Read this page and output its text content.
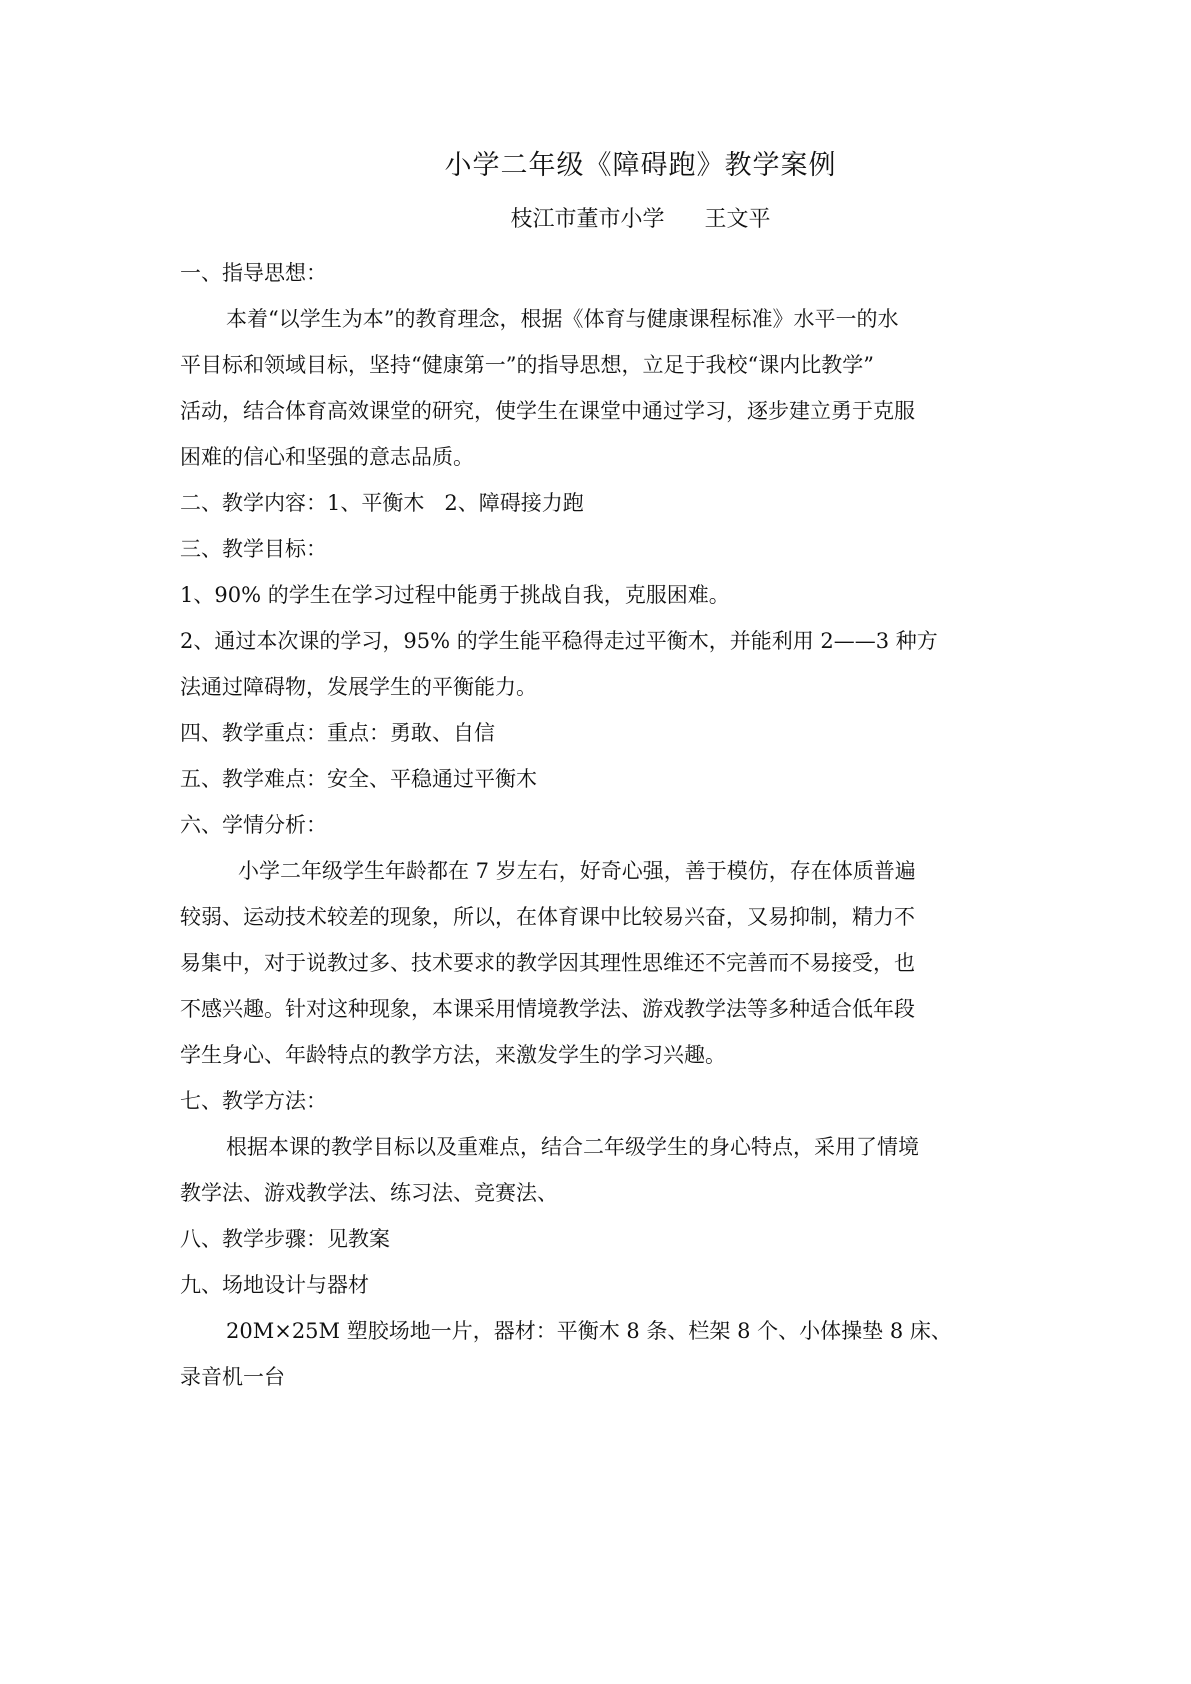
小学二年级《障碍跑》教学案例
枝江市董市小学 王文平
一、指导思想：
本着“以学生为本”的教育理念，根据《体育与健康课程标准》水平一的水
平目标和领域目标，坚持“健康第一”的指导思想，立足于我校“课内比教学”
活动，结合体育高效课堂的研究，使学生在课堂中通过学习，逐步建立勇于克服
困难的信心和坚强的意志品质。
二、教学内容：1、平衡木   2、障碍接力跑
三、教学目标：
1、90% 的学生在学习过程中能勇于挑战自我，克服困难。
2、通过本次课的学习，95% 的学生能平稳得走过平衡木，并能利用 2——3 种方
法通过障碍物，发展学生的平衡能力。
四、教学重点：重点：勇敢、自信
五、教学难点：安全、平稳通过平衡木
六、学情分析：
小学二年级学生年龄都在 7 岁左右，好奇心强，善于模仿，存在体质普遍
较弱、运动技术较差的现象，所以，在体育课中比较易兴奋，又易抑制，精力不
易集中，对于说教过多、技术要求的教学因其理性思维还不完善而不易接受，也
不感兴趣。针对这种现象，本课采用情境教学法、游戏教学法等多种适合低年段
学生身心、年龄特点的教学方法，来激发学生的学习兴趣。
七、教学方法：
根据本课的教学目标以及重难点，结合二年级学生的身心特点，采用了情境
教学法、游戏教学法、练习法、竞赛法、
八、教学步骤：见教案
九、场地设计与器材
20M×25M 塑胶场地一片，器材：平衡木 8 条、栏架 8 个、小体操垫 8 床、
录音机一台
